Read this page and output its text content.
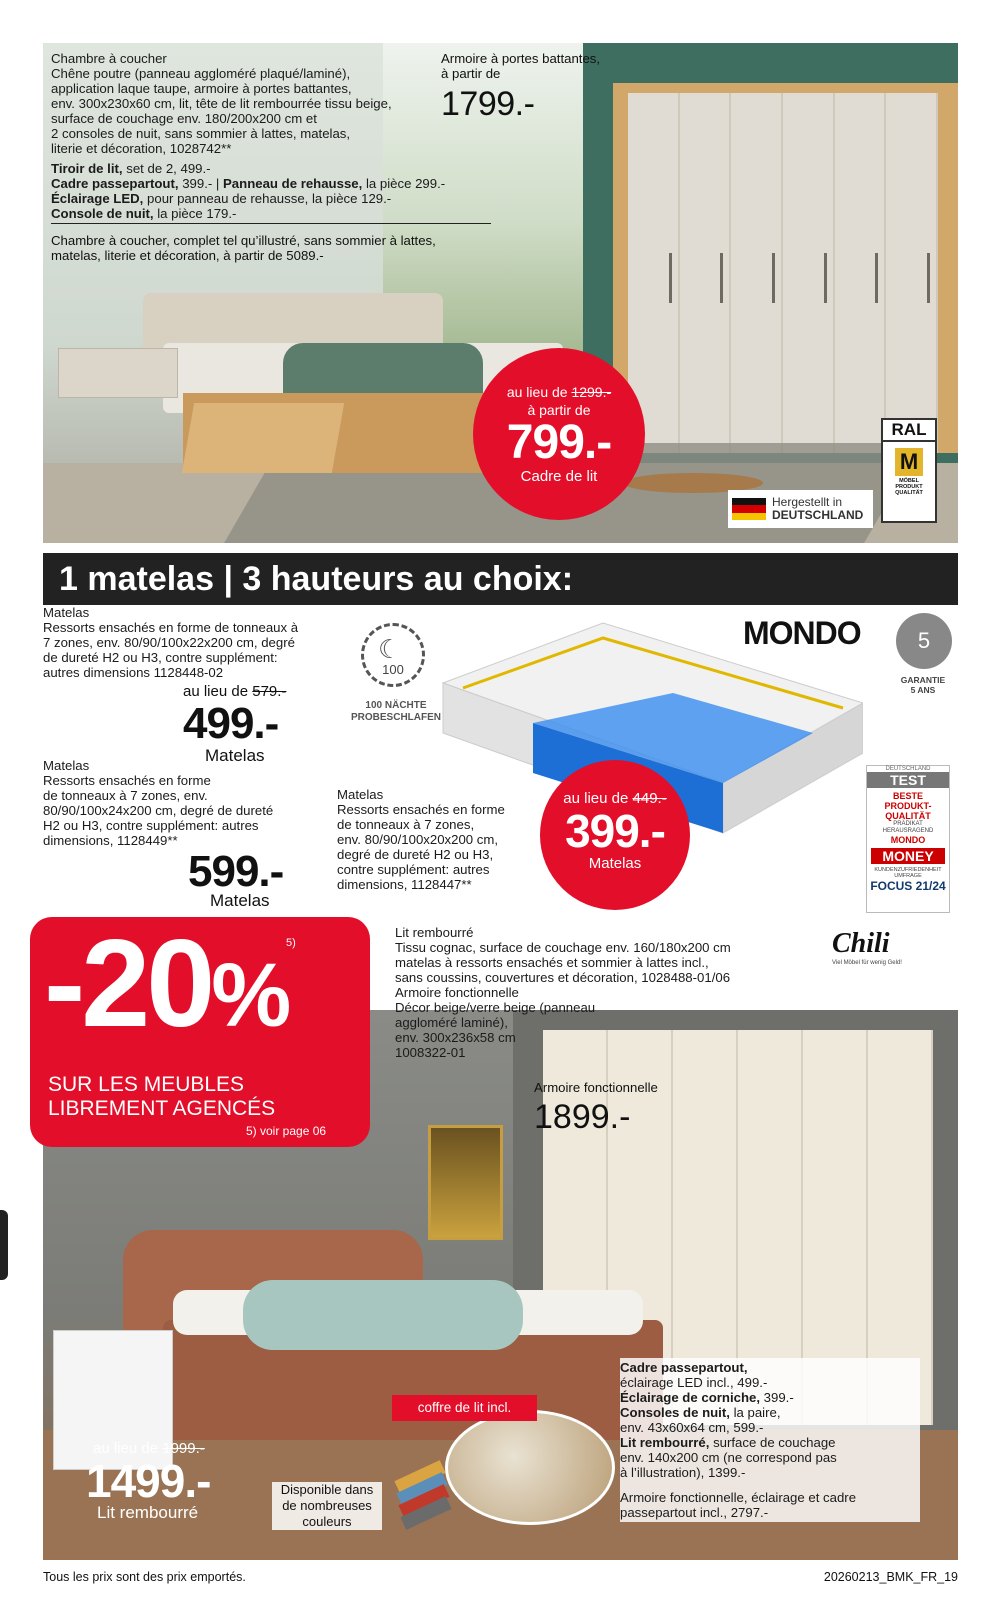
Chambre à coucher
Chêne poutre (panneau aggloméré plaqué/laminé),
application laque taupe, armoire à portes battantes,
env. 300x230x60 cm, lit, tête de lit rembourrée tissu beige,
surface de couchage env. 180/200x200 cm et
2 consoles de nuit, sans sommier à lattes, matelas,
literie et décoration, 1028742**

Tiroir de lit, set de 2, 499.-
Cadre passepartout, 399.- | Panneau de rehausse, la pièce 299.-
Éclairage LED, pour panneau de rehausse, la pièce 129.-
Console de nuit, la pièce 179.-
Chambre à coucher, complet tel qu’illustré, sans sommier à lattes,
matelas, literie et décoration, à partir de 5089.-
Armoire à portes battantes,
à partir de
1799.-
au lieu de 1299.-
à partir de
799.-
Cadre de lit
RAL
M
MÖBEL
PRODUKT
QUALITÄT
Hergestellt in
DEUTSCHLAND
1 matelas | 3 hauteurs au choix:
Matelas
Ressorts ensachés en forme de tonneaux à
7 zones, env. 80/90/100x22x200 cm, degré
de dureté H2 ou H3, contre supplément:
autres dimensions 1128448-02
au lieu de 579.-
499.-
Matelas
Matelas
Ressorts ensachés en forme
de tonneaux à 7 zones, env.
80/90/100x24x200 cm, degré de dureté
H2 ou H3, contre supplément: autres
dimensions, 1128449**
599.-
Matelas
Matelas
Ressorts ensachés en forme
de tonneaux à 7 zones,
env. 80/90/100x20x200 cm,
degré de dureté H2 ou H3,
contre supplément: autres
dimensions, 1128447**
☾
100
100 NÄCHTE
PROBESCHLAFEN
MONDO	5
GARANTIE
5 ANS
au lieu de 449.-
399.-
Matelas
DEUTSCHLAND
TEST
BESTE
PRODUKT-
QUALITÄT
PRÄDIKAT
HERAUSRAGEND
MONDO
MONEY
KUNDENZUFRIEDENHEIT
UMFRAGE
FOCUS 21/24
-20%
5)
SUR LES MEUBLES
LIBREMENT AGENCÉS
5) voir page 06
Lit rembourré
Tissu cognac, surface de couchage env. 160/180x200 cm
matelas à ressorts ensachés et sommier à lattes incl.,
sans coussins, couvertures et décoration, 1028488-01/06
Armoire fonctionnelle
Décor beige/verre beige (panneau
aggloméré laminé),
env. 300x236x58 cm
1008322-01
Chili
Viel Möbel für wenig Geld!
Armoire fonctionnelle
1899.-

Cadre passepartout,
éclairage LED incl., 499.-

Éclairage de corniche, 399.-

Consoles de nuit, la paire,
env. 43x60x64 cm, 599.-

Lit rembourré, surface de couchage
env. 140x200 cm (ne correspond pas
à l’illustration), 1399.-

Armoire fonctionnelle, éclairage et cadre
passepartout incl., 2797.-

coffre de lit incl.
au lieu de 1999.-
1499.-
Lit rembourré
Disponible dans
de nombreuses
couleurs
Tous les prix sont des prix emportés.	20260213_BMK_FR_19
